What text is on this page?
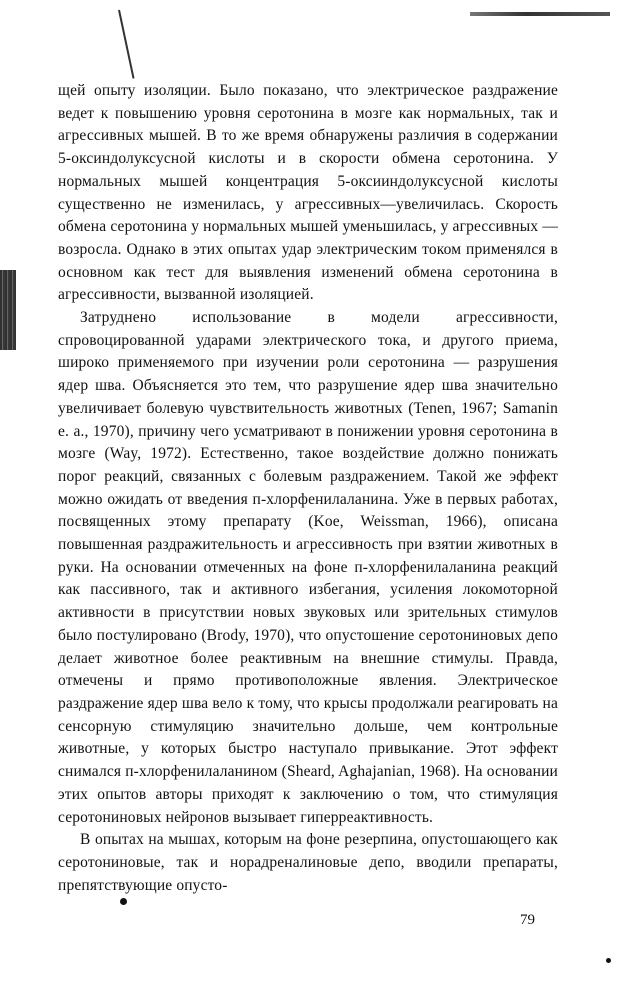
щей опыту изоляции. Было показано, что электрическое раздражение ведет к повышению уровня серотонина в мозге как нормальных, так и агрессивных мышей. В то же время обнаружены различия в содержании 5-оксиндолуксусной кислоты и в скорости обмена серотонина. У нормальных мышей концентрация 5-оксииндолуксусной кислоты существенно не изменилась, у агрессивных—увеличилась. Скорость обмена серотонина у нормальных мышей уменьшилась, у агрессивных — возросла. Однако в этих опытах удар электрическим током применялся в основном как тест для выявления изменений обмена серотонина в агрессивности, вызванной изоляцией.

Затруднено использование в модели агрессивности, спровоцированной ударами электрического тока, и другого приема, широко применяемого при изучении роли серотонина — разрушения ядер шва. Объясняется это тем, что разрушение ядер шва значительно увеличивает болевую чувствительность животных (Tenen, 1967; Samanin е. а., 1970), причину чего усматривают в понижении уровня серотонина в мозге (Way, 1972). Естественно, такое воздействие должно понижать порог реакций, связанных с болевым раздражением. Такой же эффект можно ожидать от введения п-хлорфенилаланина. Уже в первых работах, посвященных этому препарату (Koe, Weissman, 1966), описана повышенная раздражительность и агрессивность при взятии животных в руки. На основании отмеченных на фоне п-хлорфенилаланина реакций как пассивного, так и активного избегания, усиления локомоторной активности в присутствии новых звуковых или зрительных стимулов было постулировано (Brody, 1970), что опустошение серотониновых депо делает животное более реактивным на внешние стимулы. Правда, отмечены и прямо противоположные явления. Электрическое раздражение ядер шва вело к тому, что крысы продолжали реагировать на сенсорную стимуляцию значительно дольше, чем контрольные животные, у которых быстро наступало привыкание. Этот эффект снимался п-хлорфенилаланином (Sheard, Aghajanian, 1968). На основании этих опытов авторы приходят к заключению о том, что стимуляция серотониновых нейронов вызывает гиперреактивность.

В опытах на мышах, которым на фоне резерпина, опустошающего как серотониновые, так и норадреналиновые депо, вводили препараты, препятствующие опусто-

79
